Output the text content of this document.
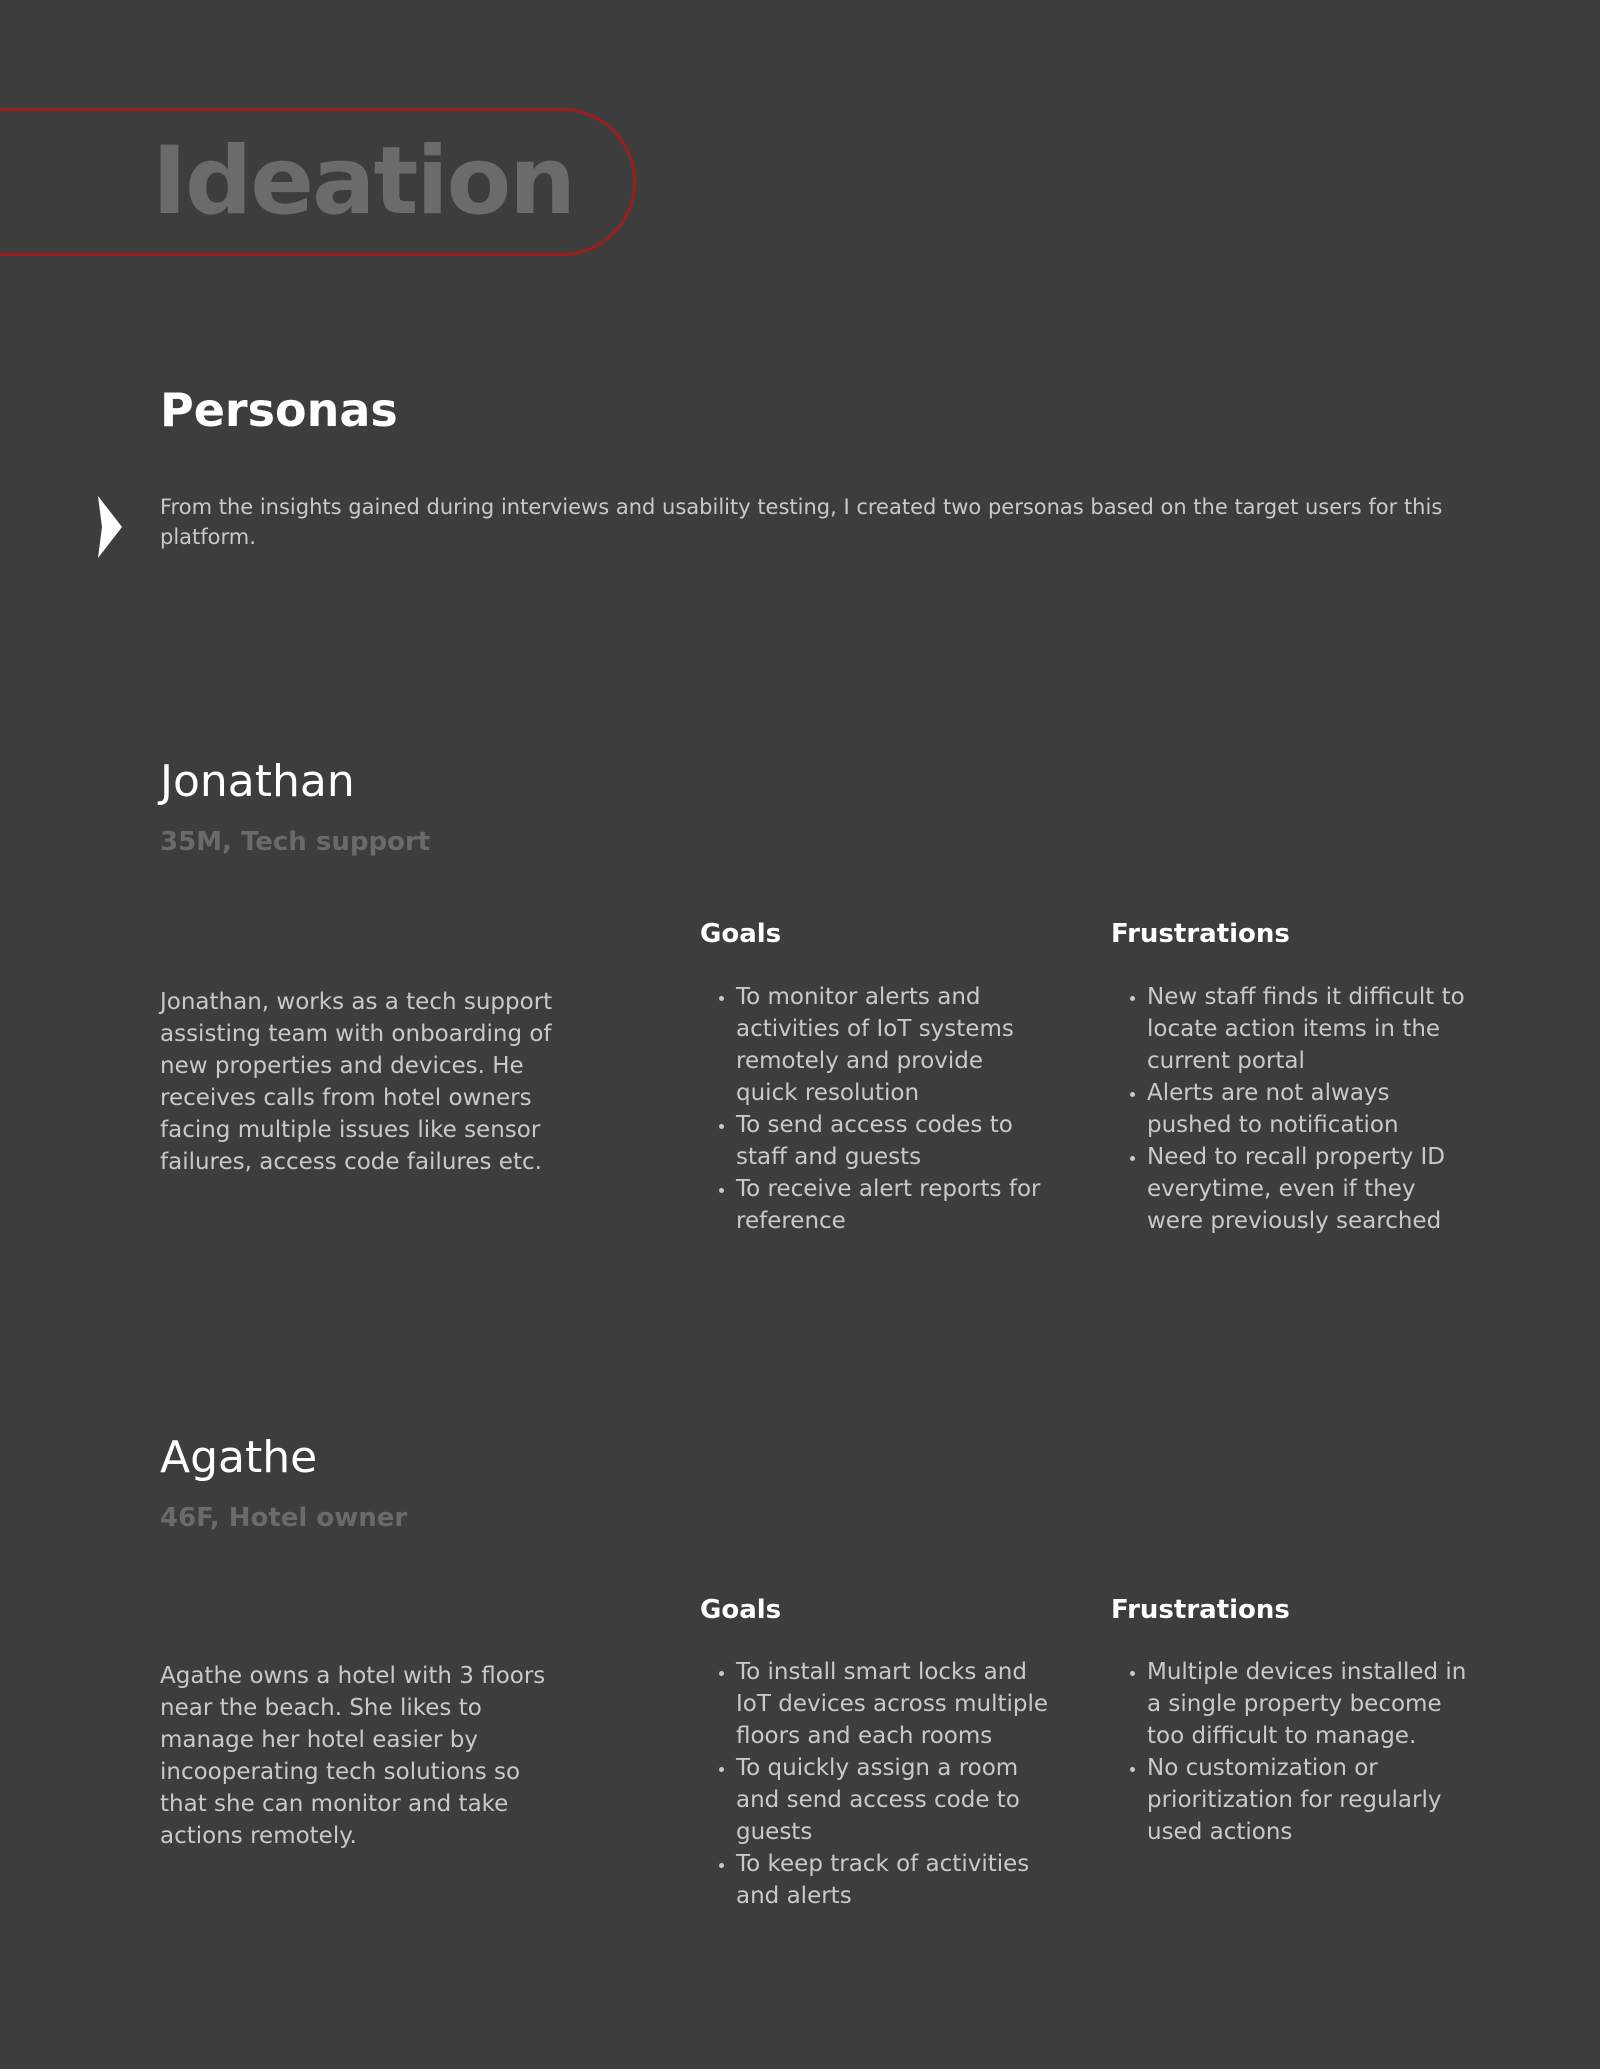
Ideation
Personas

From the insights gained during interviews and usability testing, I created two personas based on the target users for this platform.

Jonathan
35M, Tech support

Jonathan, works as a tech support assisting team with onboarding of new properties and devices. He receives calls from hotel owners facing multiple issues like sensor failures, access code failures etc.

Goals
• To monitor alerts and activities of IoT systems remotely and provide quick resolution
• To send access codes to staff and guests
• To receive alert reports for reference
Frustrations
• New staff finds it difficult to locate action items in the current portal
• Alerts are not always pushed to notification
• Need to recall property ID everytime, even if they were previously searched
Agathe
46F, Hotel owner

Agathe owns a hotel with 3 floors near the beach. She likes to manage her hotel easier by incooperating tech solutions so that she can monitor and take actions remotely.

Goals
• To install smart locks and IoT devices across multiple floors and each rooms
• To quickly assign a room and send access code to guests
• To keep track of activities and alerts
Frustrations
• Multiple devices installed in a single property become too difficult to manage.
• No customization or prioritization for regularly used actions
